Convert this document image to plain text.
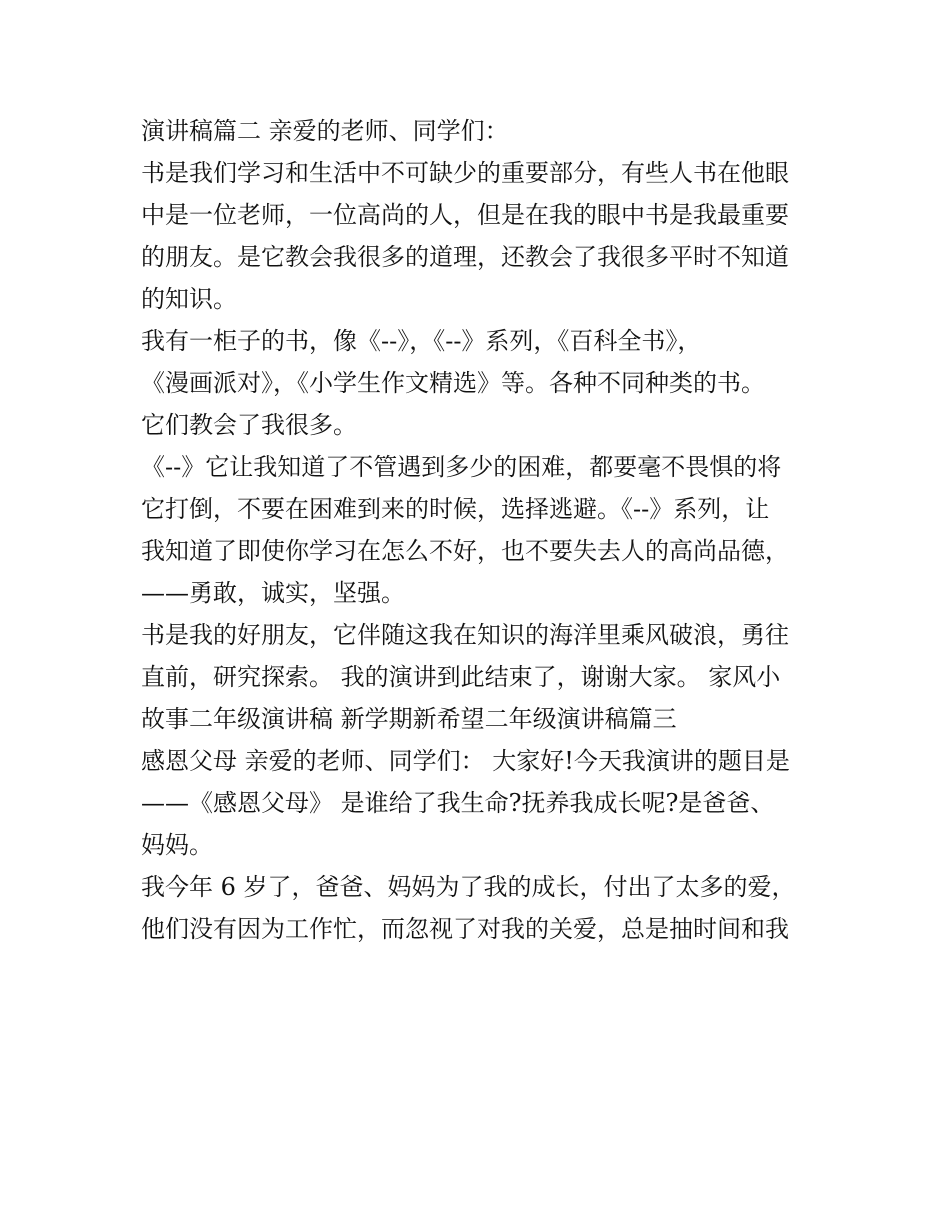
演讲稿篇二 亲爱的老师、同学们：
书是我们学习和生活中不可缺少的重要部分，有些人书在他眼
中是一位老师，一位高尚的人，但是在我的眼中书是我最重要
的朋友。是它教会我很多的道理，还教会了我很多平时不知道
的知识。
我有一柜子的书，像《--》，《--》系列，《百科全书》，
《漫画派对》，《小学生作文精选》等。各种不同种类的书。
它们教会了我很多。
《--》它让我知道了不管遇到多少的困难，都要毫不畏惧的将
它打倒，不要在困难到来的时候，选择逃避。《--》系列，让
我知道了即使你学习在怎么不好，也不要失去人的高尚品德，
——勇敢，诚实，坚强。
书是我的好朋友，它伴随这我在知识的海洋里乘风破浪，勇往
直前，研究探索。 我的演讲到此结束了，谢谢大家。 家风小
故事二年级演讲稿 新学期新希望二年级演讲稿篇三
感恩父母 亲爱的老师、同学们： 大家好!今天我演讲的题目是
——《感恩父母》 是谁给了我生命?抚养我成长呢?是爸爸、
妈妈。
我今年 6 岁了，爸爸、妈妈为了我的成长，付出了太多的爱，
他们没有因为工作忙，而忽视了对我的关爱，总是抽时间和我
